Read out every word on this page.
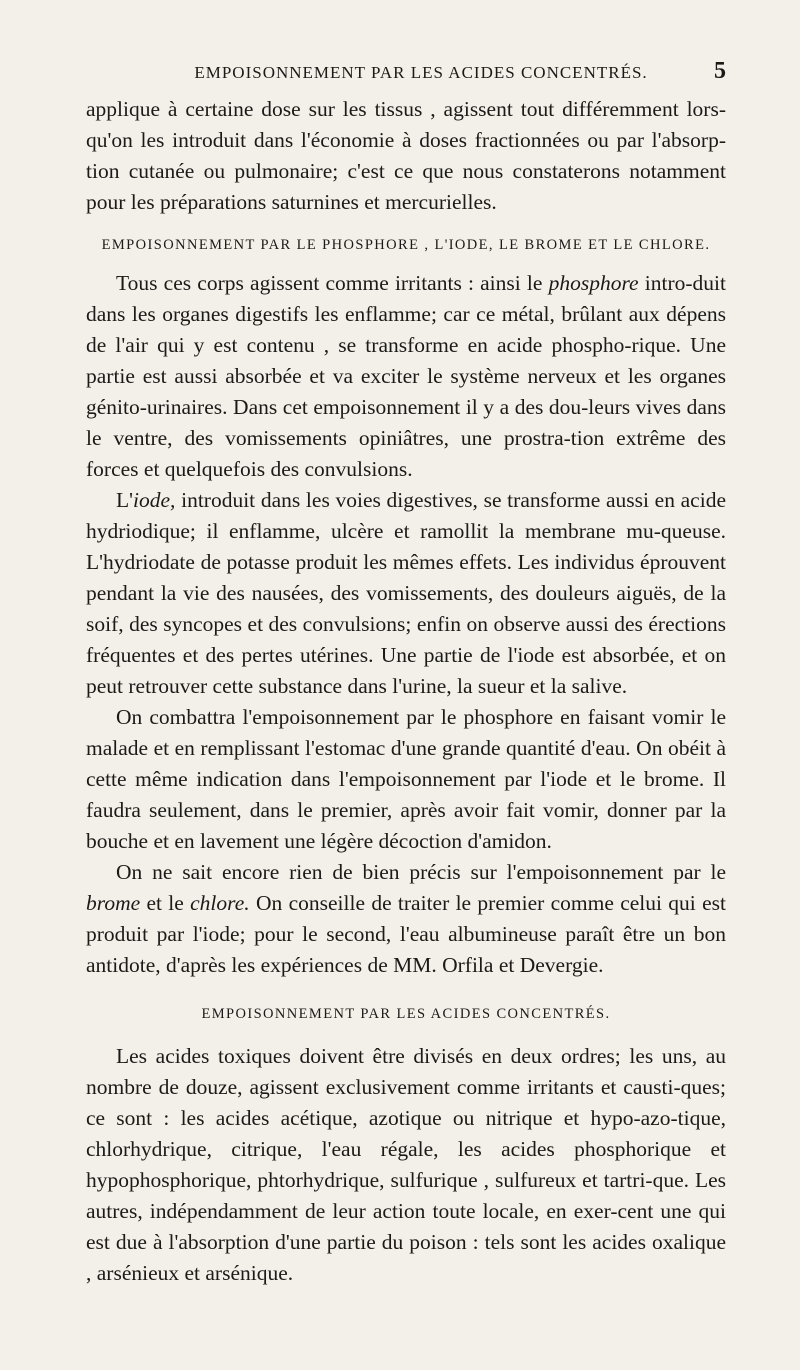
EMPOISONNEMENT PAR LES ACIDES CONCENTRÉS.	5

applique à certaine dose sur les tissus , agissent tout différemment lors-qu'on les introduit dans l'économie à doses fractionnées ou par l'absorp-tion cutanée ou pulmonaire; c'est ce que nous constaterons notamment pour les préparations saturnines et mercurielles.

EMPOISONNEMENT PAR LE PHOSPHORE , L'IODE, LE BROME ET LE CHLORE.

Tous ces corps agissent comme irritants : ainsi le phosphore intro-duit dans les organes digestifs les enflamme; car ce métal, brûlant aux dépens de l'air qui y est contenu , se transforme en acide phospho-rique. Une partie est aussi absorbée et va exciter le système nerveux et les organes génito-urinaires. Dans cet empoisonnement il y a des dou-leurs vives dans le ventre, des vomissements opiniâtres, une prostra-tion extrême des forces et quelquefois des convulsions.

L'iode, introduit dans les voies digestives, se transforme aussi en acide hydriodique; il enflamme, ulcère et ramollit la membrane mu-queuse. L'hydriodate de potasse produit les mêmes effets. Les individus éprouvent pendant la vie des nausées, des vomissements, des douleurs aiguës, de la soif, des syncopes et des convulsions; enfin on observe aussi des érections fréquentes et des pertes utérines. Une partie de l'iode est absorbée, et on peut retrouver cette substance dans l'urine, la sueur et la salive.

On combattra l'empoisonnement par le phosphore en faisant vomir le malade et en remplissant l'estomac d'une grande quantité d'eau. On obéit à cette même indication dans l'empoisonnement par l'iode et le brome. Il faudra seulement, dans le premier, après avoir fait vomir, donner par la bouche et en lavement une légère décoction d'amidon.

On ne sait encore rien de bien précis sur l'empoisonnement par le brome et le chlore. On conseille de traiter le premier comme celui qui est produit par l'iode; pour le second, l'eau albumineuse paraît être un bon antidote, d'après les expériences de MM. Orfila et Devergie.

EMPOISONNEMENT PAR LES ACIDES CONCENTRÉS.

Les acides toxiques doivent être divisés en deux ordres; les uns, au nombre de douze, agissent exclusivement comme irritants et causti-ques; ce sont : les acides acétique, azotique ou nitrique et hypo-azo-tique, chlorhydrique, citrique, l'eau régale, les acides phosphorique et hypophosphorique, phtorhydrique, sulfurique , sulfureux et tartri-que. Les autres, indépendamment de leur action toute locale, en exer-cent une qui est due à l'absorption d'une partie du poison : tels sont les acides oxalique , arsénieux et arsénique.
